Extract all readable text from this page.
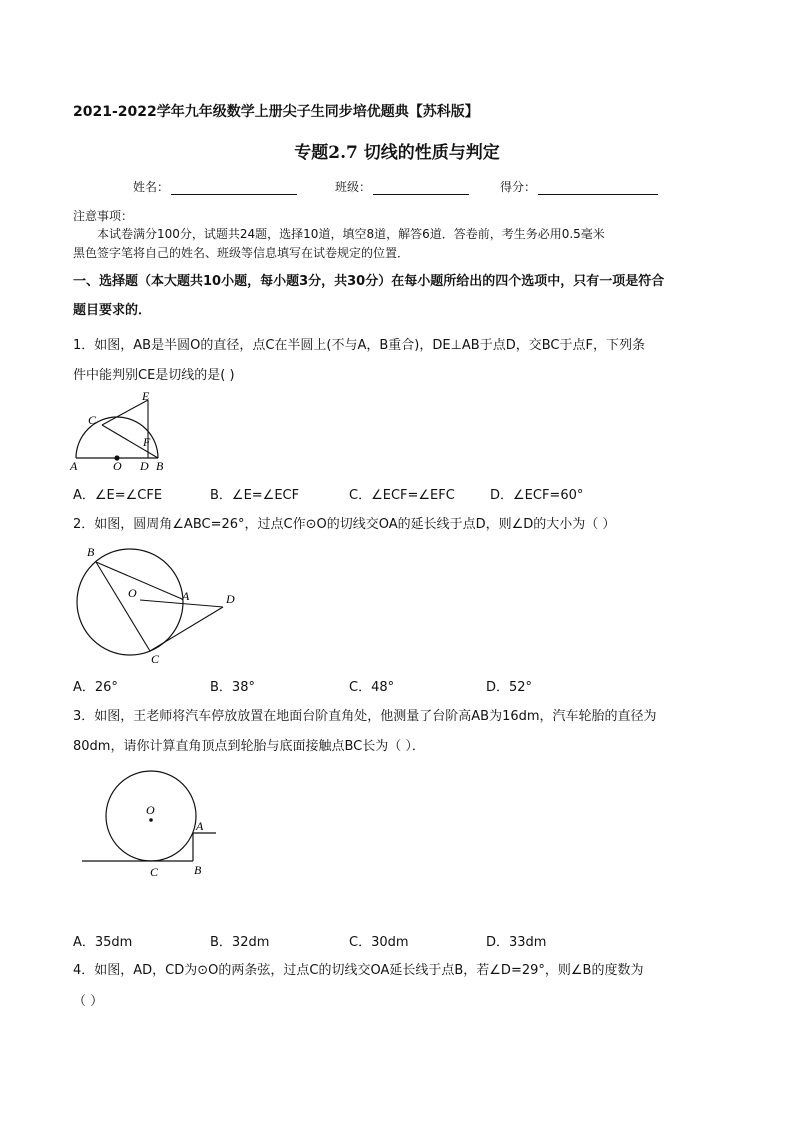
2021-2022学年九年级数学上册尖子生同步培优题典【苏科版】
专题2.7 切线的性质与判定
姓名：	班级：	得分：
注意事项：
本试卷满分100分，试题共24题，选择10道，填空8道，解答6道．答卷前，考生务必用0.5毫米
黑色签字笔将自己的姓名、班级等信息填写在试卷规定的位置．
一、选择题（本大题共10小题，每小题3分，共30分）在每小题所给出的四个选项中，只有一项是符合
题目要求的．
1．如图，AB是半圆O的直径，点C在半圆上(不与A，B重合)，DE⊥AB于点D，交BC于点F，下列条
件中能判别CE是切线的是( )
A	O D B
C
E
F
A．∠E=∠CFE	B．∠E=∠ECF	C．∠ECF=∠EFC	D．∠ECF=60°
2．如图，圆周角∠ABC=26°，过点C作⊙O的切线交OA的延长线于点D，则∠D的大小为（ ）
B
O	A	D
C
A．26°	B．38°	C．48°	D．52°
3．如图，王老师将汽车停放放置在地面台阶直角处，他测量了台阶高AB为16dm，汽车轮胎的直径为
80dm，请你计算直角顶点到轮胎与底面接触点BC长为（ ）．
O
A
B
C
A．35dm	B．32dm	C．30dm	D．33dm
4．如图，AD，CD为⊙O的两条弦，过点C的切线交OA延长线于点B，若∠D=29°，则∠B的度数为
（ ）
